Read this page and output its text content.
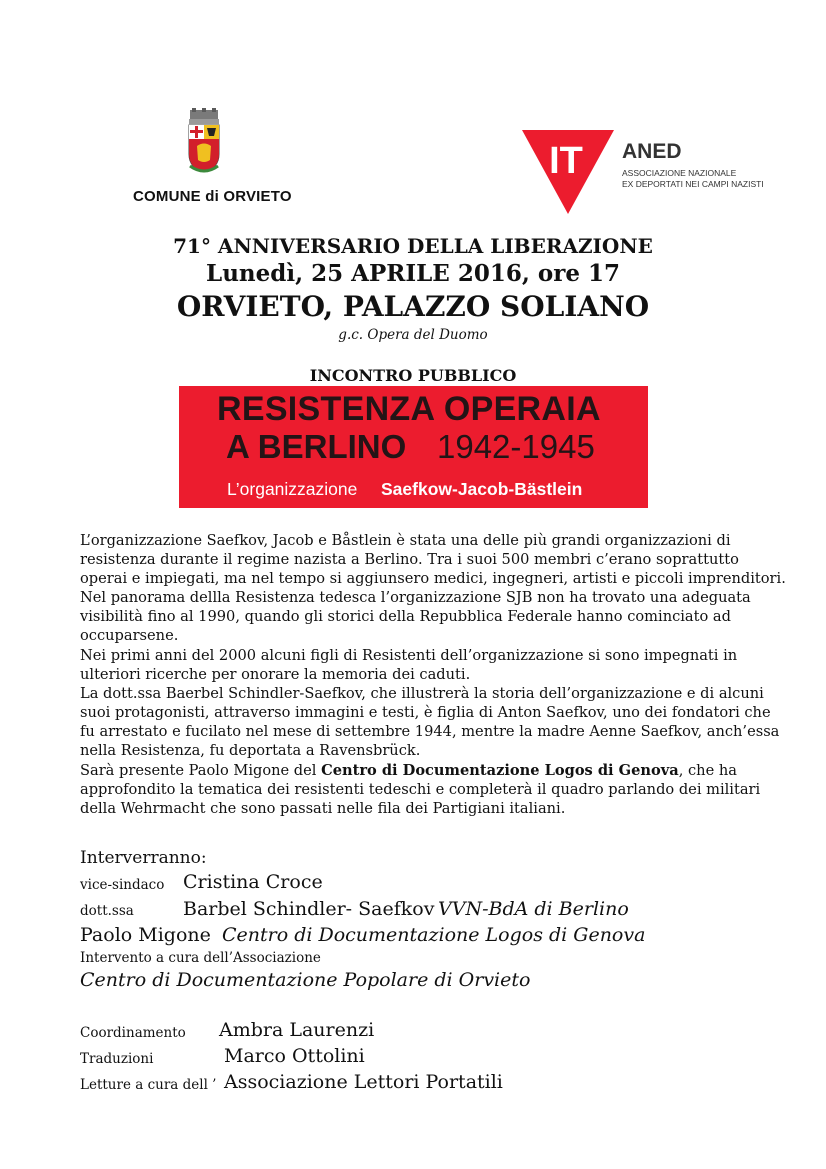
COMUNE di ORVIETO
IT ANED
ASSOCIAZIONE NAZIONALE
EX DEPORTATI NEI CAMPI NAZISTI
71° ANNIVERSARIO DELLA LIBERAZIONE
Lunedì, 25 APRILE 2016, ore 17
ORVIETO, PALAZZO SOLIANO
g.c. Opera del Duomo
INCONTRO PUBBLICO
RESISTENZA OPERAIA
A BERLINO 1942-1945
L’organizzazione Saefkow-Jacob-Bästlein
L’organizzazione Saefkov, Jacob e Båstlein è stata una delle più grandi organizzazioni di
resistenza durante il regime nazista a Berlino. Tra i suoi 500 membri c’erano soprattutto
operai e impiegati, ma nel tempo si aggiunsero medici, ingegneri, artisti e piccoli imprenditori.
Nel panorama dellla Resistenza tedesca l’organizzazione SJB non ha trovato una adeguata
visibilità fino al 1990, quando gli storici della Repubblica Federale hanno cominciato ad
occuparsene.
Nei primi anni del 2000 alcuni figli di Resistenti dell’organizzazione si sono impegnati in
ulteriori ricerche per onorare la memoria dei caduti.
La dott.ssa Baerbel Schindler-Saefkov, che illustrerà la storia dell’organizzazione e di alcuni
suoi protagonisti, attraverso immagini e testi, è figlia di Anton Saefkov, uno dei fondatori che
fu arrestato e fucilato nel mese di settembre 1944, mentre la madre Aenne Saefkov, anch’essa
nella Resistenza, fu deportata a Ravensbrück.
Sarà presente Paolo Migone del Centro di Documentazione Logos di Genova, che ha
approfondito la tematica dei resistenti tedeschi e completerà il quadro parlando dei militari
della Wehrmacht che sono passati nelle fila dei Partigiani italiani.
Interverranno:
vice-sindaco Cristina Croce
dott.ssa	Barbel Schindler- Saefkov VVN-BdA di Berlino
Paolo Migone Centro di Documentazione Logos di Genova
Intervento a cura dell’Associazione
Centro di Documentazione Popolare di Orvieto
Coordinamento Ambra Laurenzi
Traduzioni	Marco Ottolini
Letture a cura dell ’ Associazione Lettori Portatili
